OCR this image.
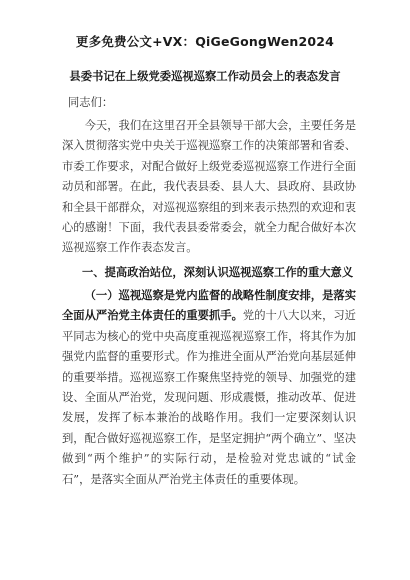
更多免费公文+VX：QiGeGongWen2024
县委书记在上级党委巡视巡察工作动员会上的表态发言
同志们：
今天，我们在这里召开全县领导干部大会，主要任务是深入贯彻落实党中央关于巡视巡察工作的决策部署和省委、市委工作要求，对配合做好上级党委巡视巡察工作进行全面动员和部署。在此，我代表县委、县人大、县政府、县政协和全县干部群众，对巡视巡察组的到来表示热烈的欢迎和衷心的感谢！下面，我代表县委常委会，就全力配合做好本次巡视巡察工作作表态发言。
一、提高政治站位，深刻认识巡视巡察工作的重大意义
（一）巡视巡察是党内监督的战略性制度安排，是落实全面从严治党主体责任的重要抓手。党的十八大以来，习近平同志为核心的党中央高度重视巡视巡察工作，将其作为加强党内监督的重要形式。作为推进全面从严治党向基层延伸的重要举措。巡视巡察工作聚焦坚持党的领导、加强党的建设、全面从严治党，发现问题、形成震慑，推动改革、促进发展，发挥了标本兼治的战略作用。我们一定要深刻认识到，配合做好巡视巡察工作，是坚定拥护“两个确立”、坚决做到“两个维护”的实际行动，是检验对党忠诚的“试金石”，是落实全面从严治党主体责任的重要体现。
